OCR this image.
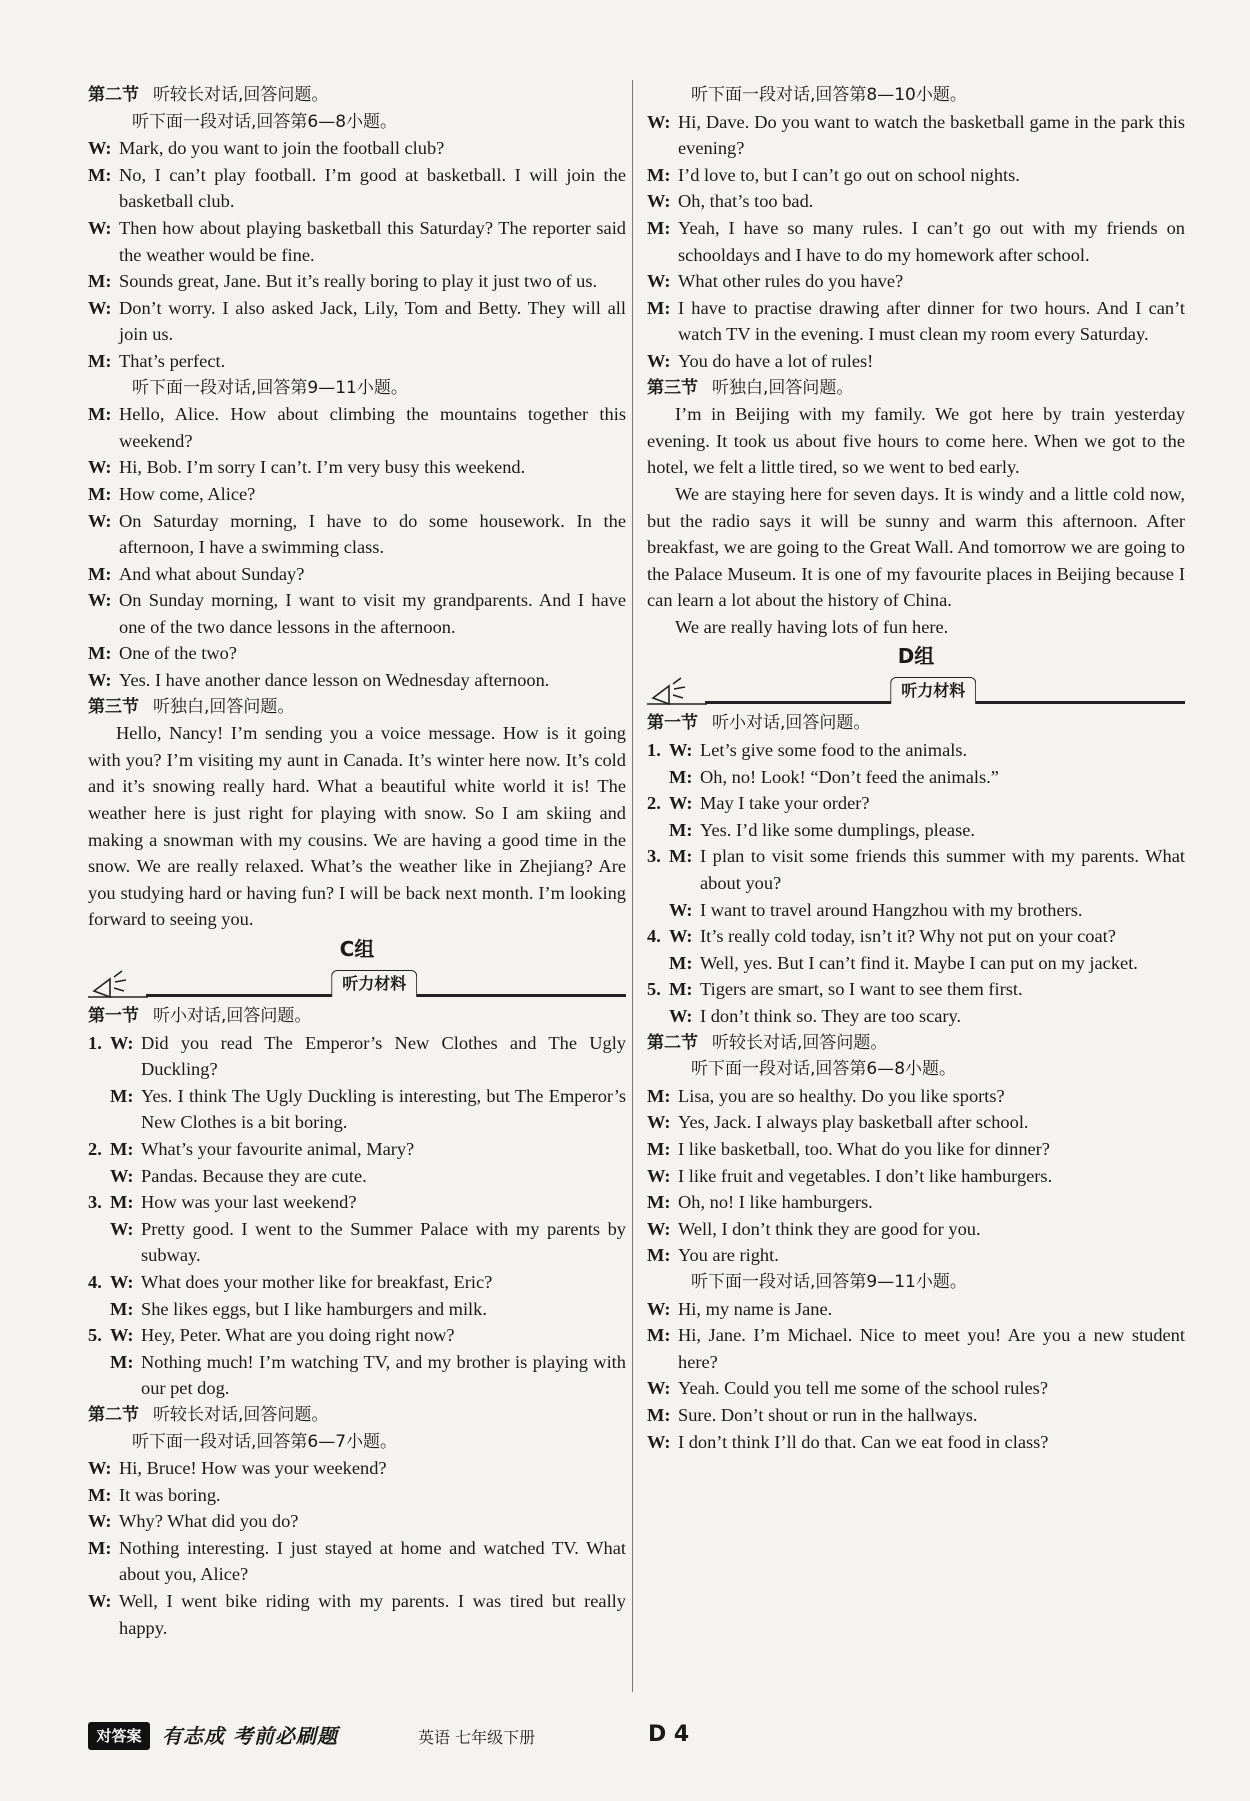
第二节 听较长对话,回答问题。
听下面一段对话,回答第6—8小题。
W: Mark, do you want to join the football club?
M: No, I can’t play football. I’m good at basketball. I will join the basketball club.
W: Then how about playing basketball this Saturday? The reporter said the weather would be fine.
M: Sounds great, Jane. But it’s really boring to play it just two of us.
W: Don’t worry. I also asked Jack, Lily, Tom and Betty. They will all join us.
M: That’s perfect.
听下面一段对话,回答第9—11小题。
M: Hello, Alice. How about climbing the mountains together this weekend?
W: Hi, Bob. I’m sorry I can’t. I’m very busy this weekend.
M: How come, Alice?
W: On Saturday morning, I have to do some housework. In the afternoon, I have a swimming class.
M: And what about Sunday?
W: On Sunday morning, I want to visit my grandparents. And I have one of the two dance lessons in the afternoon.
M: One of the two?
W: Yes. I have another dance lesson on Wednesday afternoon.
第三节 听独白,回答问题。
Hello, Nancy! I’m sending you a voice message. How is it going with you? I’m visiting my aunt in Canada. It’s winter here now. It’s cold and it’s snowing really hard. What a beautiful white world it is! The weather here is just right for playing with snow. So I am skiing and making a snowman with my cousins. We are having a good time in the snow. We are really relaxed. What’s the weather like in Zhejiang? Are you studying hard or having fun? I will be back next month. I’m looking forward to seeing you.
C组
听力材料
第一节 听小对话,回答问题。
1. W: Did you read The Emperor’s New Clothes and The Ugly Duckling?
M: Yes. I think The Ugly Duckling is interesting, but The Emperor’s New Clothes is a bit boring.
2. M: What’s your favourite animal, Mary?
W: Pandas. Because they are cute.
3. M: How was your last weekend?
W: Pretty good. I went to the Summer Palace with my parents by subway.
4. W: What does your mother like for breakfast, Eric?
M: She likes eggs, but I like hamburgers and milk.
5. W: Hey, Peter. What are you doing right now?
M: Nothing much! I’m watching TV, and my brother is playing with our pet dog.
第二节 听较长对话,回答问题。
听下面一段对话,回答第6—7小题。
W: Hi, Bruce! How was your weekend?
M: It was boring.
W: Why? What did you do?
M: Nothing interesting. I just stayed at home and watched TV. What about you, Alice?
W: Well, I went bike riding with my parents. I was tired but really happy.
听下面一段对话,回答第8—10小题。
W: Hi, Dave. Do you want to watch the basketball game in the park this evening?
M: I’d love to, but I can’t go out on school nights.
W: Oh, that’s too bad.
M: Yeah, I have so many rules. I can’t go out with my friends on schooldays and I have to do my homework after school.
W: What other rules do you have?
M: I have to practise drawing after dinner for two hours. And I can’t watch TV in the evening. I must clean my room every Saturday.
W: You do have a lot of rules!
第三节 听独白,回答问题。
I’m in Beijing with my family. We got here by train yesterday evening. It took us about five hours to come here. When we got to the hotel, we felt a little tired, so we went to bed early.
We are staying here for seven days. It is windy and a little cold now, but the radio says it will be sunny and warm this afternoon. After breakfast, we are going to the Great Wall. And tomorrow we are going to the Palace Museum. It is one of my favourite places in Beijing because I can learn a lot about the history of China.
We are really having lots of fun here.
D组
听力材料
第一节 听小对话,回答问题。
1. W: Let’s give some food to the animals.
M: Oh, no! Look! “Don’t feed the animals.”
2. W: May I take your order?
M: Yes. I’d like some dumplings, please.
3. M: I plan to visit some friends this summer with my parents. What about you?
W: I want to travel around Hangzhou with my brothers.
4. W: It’s really cold today, isn’t it? Why not put on your coat?
M: Well, yes. But I can’t find it. Maybe I can put on my jacket.
5. M: Tigers are smart, so I want to see them first.
W: I don’t think so. They are too scary.
第二节 听较长对话,回答问题。
听下面一段对话,回答第6—8小题。
M: Lisa, you are so healthy. Do you like sports?
W: Yes, Jack. I always play basketball after school.
M: I like basketball, too. What do you like for dinner?
W: I like fruit and vegetables. I don’t like hamburgers.
M: Oh, no! I like hamburgers.
W: Well, I don’t think they are good for you.
M: You are right.
听下面一段对话,回答第9—11小题。
W: Hi, my name is Jane.
M: Hi, Jane. I’m Michael. Nice to meet you! Are you a new student here?
W: Yeah. Could you tell me some of the school rules?
M: Sure. Don’t shout or run in the hallways.
W: I don’t think I’ll do that. Can we eat food in class?
对答案	有志成 考前必刷题	英语 七年级下册	D 4
